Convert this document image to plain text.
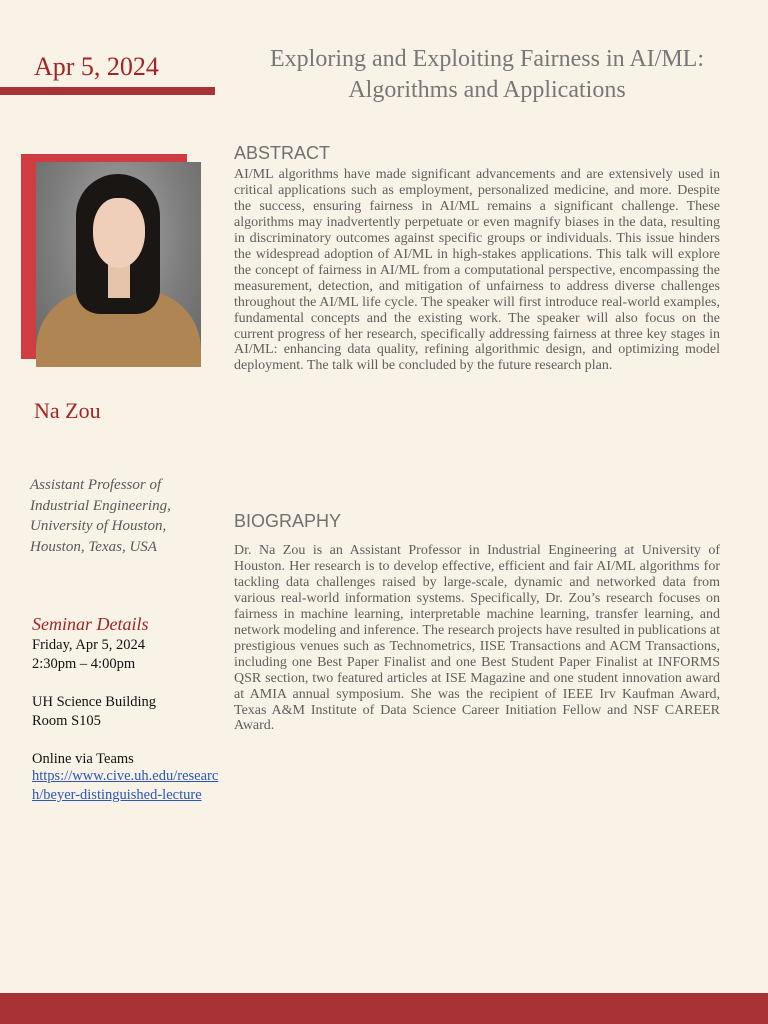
Apr 5, 2024	Exploring and Exploiting Fairness in AI/ML:
Algorithms and Applications
Na Zou
Assistant Professor of
Industrial Engineering,
University of Houston,
Houston, Texas, USA
Seminar Details
Friday, Apr 5, 2024
2:30pm – 4:00pm
UH Science Building
Room S105
Online via Teams
https://www.cive.uh.edu/research/beyer-distinguished-lecture
ABSTRACT
AI/ML algorithms have made significant advancements and are extensively used in critical applications such as employment, personalized medicine, and more. Despite the success, ensuring fairness in AI/ML remains a significant challenge. These algorithms may inadvertently perpetuate or even magnify biases in the data, resulting in discriminatory outcomes against specific groups or individuals. This issue hinders the widespread adoption of AI/ML in high-stakes applications. This talk will explore the concept of fairness in AI/ML from a computational perspective, encompassing the measurement, detection, and mitigation of unfairness to address diverse challenges throughout the AI/ML life cycle. The speaker will first introduce real-world examples, fundamental concepts and the existing work. The speaker will also focus on the current progress of her research, specifically addressing fairness at three key stages in AI/ML: enhancing data quality, refining algorithmic design, and optimizing model deployment. The talk will be concluded by the future research plan.
BIOGRAPHY
Dr. Na Zou is an Assistant Professor in Industrial Engineering at University of Houston. Her research is to develop effective, efficient and fair AI/ML algorithms for tackling data challenges raised by large-scale, dynamic and networked data from various real-world information systems. Specifically, Dr. Zou’s research focuses on fairness in machine learning, interpretable machine learning, transfer learning, and network modeling and inference. The research projects have resulted in publications at prestigious venues such as Technometrics, IISE Transactions and ACM Transactions, including one Best Paper Finalist and one Best Student Paper Finalist at INFORMS QSR section, two featured articles at ISE Magazine and one student innovation award at AMIA annual symposium. She was the recipient of IEEE Irv Kaufman Award, Texas A&M Institute of Data Science Career Initiation Fellow and NSF CAREER Award.
